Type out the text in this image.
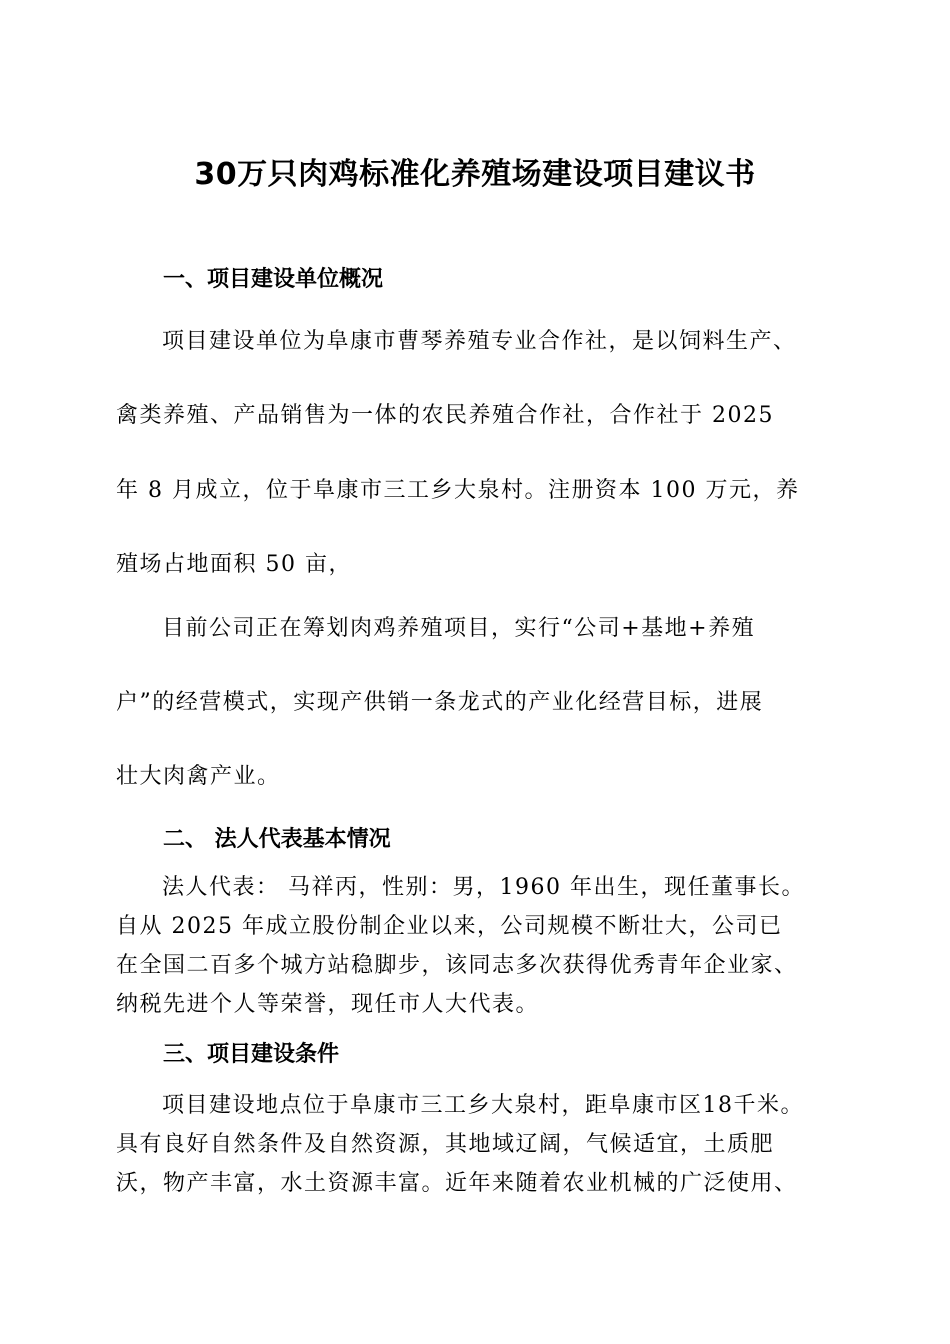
30万只肉鸡标准化养殖场建设项目建议书
一、项目建设单位概况

项目建设单位为阜康市曹琴养殖专业合作社，是以饲料生产、

禽类养殖、产品销售为一体的农民养殖合作社，合作社于 2025

年 8 月成立，位于阜康市三工乡大泉村。注册资本 100 万元，养

殖场占地面积 50 亩，

目前公司正在筹划肉鸡养殖项目，实行“公司+基地+养殖

户”的经营模式，实现产供销一条龙式的产业化经营目标，进展

壮大肉禽产业。

二、 法人代表基本情况

法人代表： 马祥丙，性别：男，1960 年出生，现任董事长。

自从 2025 年成立股份制企业以来，公司规模不断壮大，公司已

在全国二百多个城方站稳脚步，该同志多次获得优秀青年企业家、

纳税先进个人等荣誉，现任市人大代表。

三、项目建设条件

项目建设地点位于阜康市三工乡大泉村，距阜康市区18千米。

具有良好自然条件及自然资源，其地域辽阔，气候适宜，土质肥

沃，物产丰富，水土资源丰富。近年来随着农业机械的广泛使用、
